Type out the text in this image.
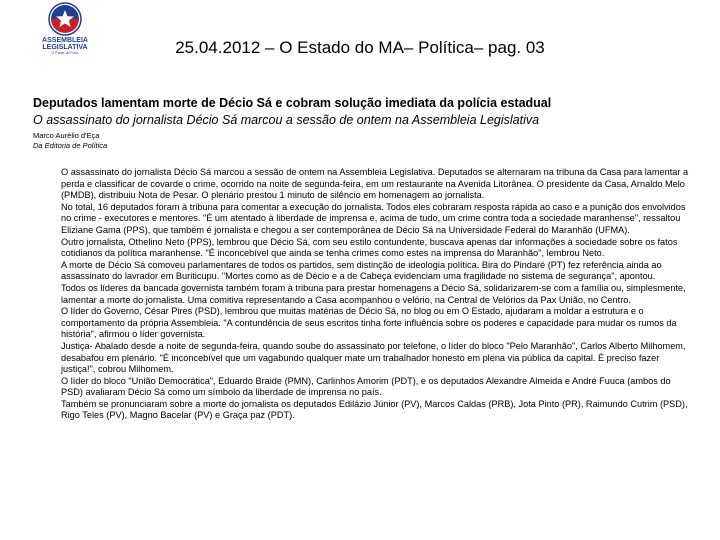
ASSEMBLEIA
LEGISLATIVA
O Poder do Povo	25.04.2012 – O Estado do MA– Política– pag. 03
Deputados lamentam morte de Décio Sá e cobram solução imediata da polícia estadual
O assassinato do jornalista Décio Sá marcou a sessão de ontem na Assembleia Legislativa
Marco Aurélio d'Eça
Da Editoria de Política

O assassinato do jornalista Décio Sá marcou a sessão de ontem na Assembleia Legislativa. Deputados se alternaram na tribuna da Casa para lamentar a perda e classificar de covarde o crime, ocorrido na noite de segunda-feira, em um restaurante na Avenida Litorânea. O presidente da Casa, Arnaldo Melo (PMDB), distribuiu Nota de Pesar. O plenário prestou 1 minuto de silêncio em homenagem ao jornalista.

No total, 16 deputados foram à tribuna para comentar a execução do jornalista. Todos eles cobraram resposta rápida ao caso e a punição dos envolvidos no crime - executores e mentores. "É um atentado à liberdade de imprensa e, acima de tudo, um crime contra toda a sociedade maranhense", ressaltou Eliziane Gama (PPS), que também é jornalista e chegou a ser contemporânea de Décio Sá na Universidade Federal do Maranhão (UFMA).

Outro jornalista, Othelino Neto (PPS), lembrou que Décio Sá, com seu estilo contundente, buscava apenas dar informações à sociedade sobre os fatos cotidianos da política maranhense. "É inconcebível que ainda se tenha crimes como estes na imprensa do Maranhão", lembrou Neto.

A morte de Décio Sá comoveu parlamentares de todos os partidos, sem distinção de ideologia política. Bira do Pindaré (PT) fez referência ainda ao assassinato do lavrador em Buriticupu. "Mortes como as de Décio e a de Cabeça evidenciam uma fragilidade no sistema de segurança", apontou.

Todos os líderes da bancada governista também foram à tribuna para prestar homenagens a Décio Sá, solidarizarem-se com a família ou, simplesmente, lamentar a morte do jornalista. Uma comitiva representando a Casa acompanhou o velório, na Central de Velórios da Pax União, no Centro.

O líder do Governo, César Pires (PSD), lembrou que muitas matérias de Décio Sá, no blog ou em O Estado, ajudaram a moldar a estrutura e o comportamento da própria Assembleia. "A contundência de seus escritos tinha forte influência sobre os poderes e capacidade para mudar os rumos da história", afirmou o líder governista.

Justiça- Abalado desde a noite de segunda-feira, quando soube do assassinato por telefone, o líder do bloco "Pelo Maranhão", Carlos Alberto Milhomem, desabafou em plenário. "É inconcebível que um vagabundo qualquer mate um trabalhador honesto em plena via pública da capital. É preciso fazer justiça!", cobrou Milhomem.

O líder do bloco "União Democrática", Eduardo Braide (PMN), Carlinhos Amorim (PDT), e os deputados Alexandre Almeida e André Fuuca (ambos do PSD) avaliaram Décio Sá como um símbolo da liberdade de imprensa no país.

Também se pronunciaram sobre a morte do jornalista os deputados Edilázio Júnior (PV), Marcos Caldas (PRB), Jota Pinto (PR), Raimundo Cutrim (PSD), Rigo Teles (PV), Magno Bacelar (PV) e Graça paz (PDT).
